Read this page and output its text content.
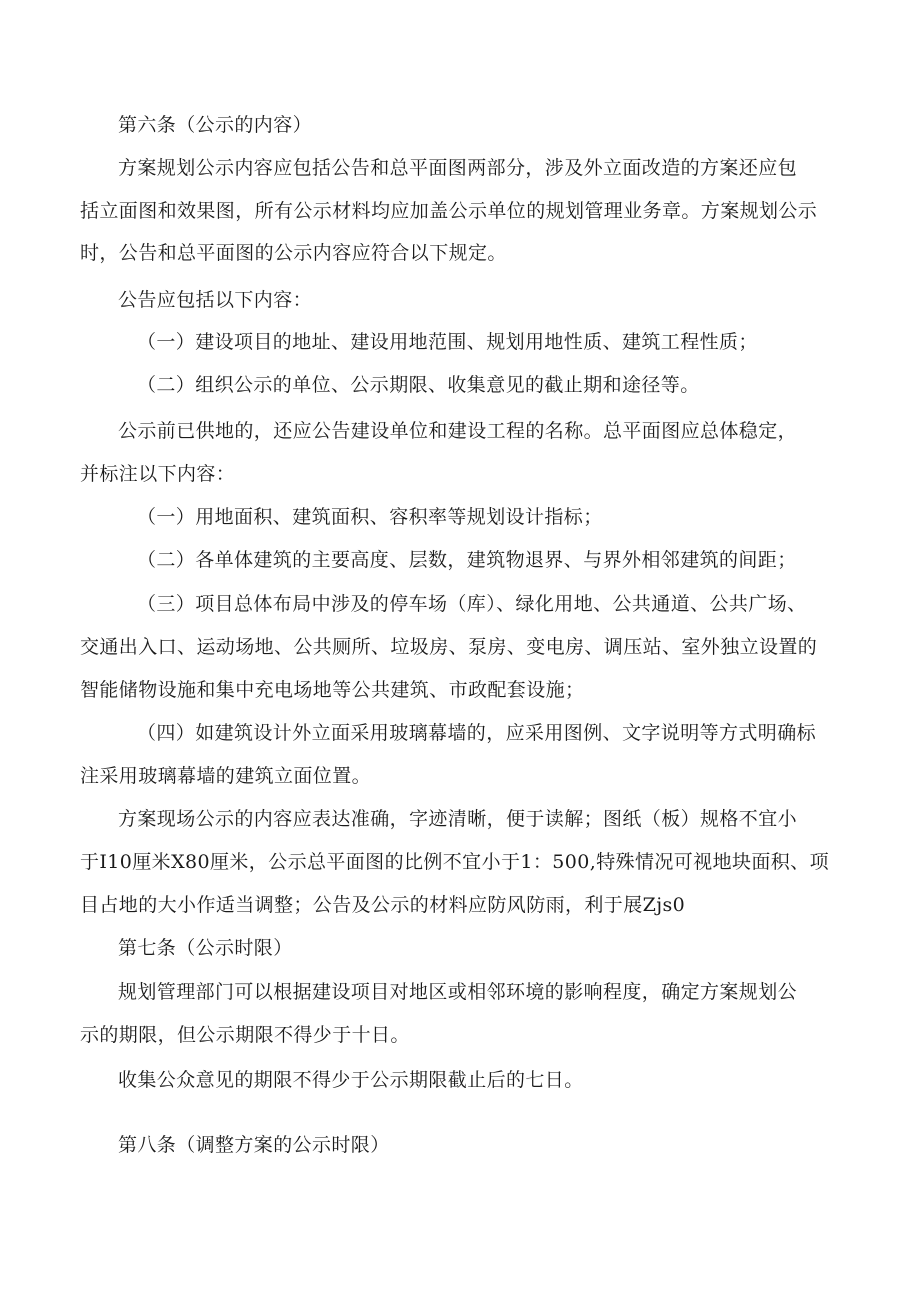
第六条（公示的内容）

方案规划公示内容应包括公告和总平面图两部分，涉及外立面改造的方案还应包

括立面图和效果图，所有公示材料均应加盖公示单位的规划管理业务章。方案规划公示

时，公告和总平面图的公示内容应符合以下规定。

公告应包括以下内容：

（一）建设项目的地址、建设用地范围、规划用地性质、建筑工程性质；

（二）组织公示的单位、公示期限、收集意见的截止期和途径等。

公示前已供地的，还应公告建设单位和建设工程的名称。总平面图应总体稳定，

并标注以下内容：

（一）用地面积、建筑面积、容积率等规划设计指标；

（二）各单体建筑的主要高度、层数，建筑物退界、与界外相邻建筑的间距；

（三）项目总体布局中涉及的停车场（库）、绿化用地、公共通道、公共广场、

交通出入口、运动场地、公共厕所、垃圾房、泵房、变电房、调压站、室外独立设置的

智能储物设施和集中充电场地等公共建筑、市政配套设施；

（四）如建筑设计外立面采用玻璃幕墙的，应采用图例、文字说明等方式明确标

注采用玻璃幕墙的建筑立面位置。

方案现场公示的内容应表达准确，字迹清晰，便于读解；图纸（板）规格不宜小

于I10厘米X80厘米，公示总平面图的比例不宜小于1：500,特殊情况可视地块面积、项

目占地的大小作适当调整；公告及公示的材料应防风防雨，利于展Zjs0

第七条（公示时限）

规划管理部门可以根据建设项目对地区或相邻环境的影响程度，确定方案规划公

示的期限，但公示期限不得少于十日。

收集公众意见的期限不得少于公示期限截止后的七日。

第八条（调整方案的公示时限）
